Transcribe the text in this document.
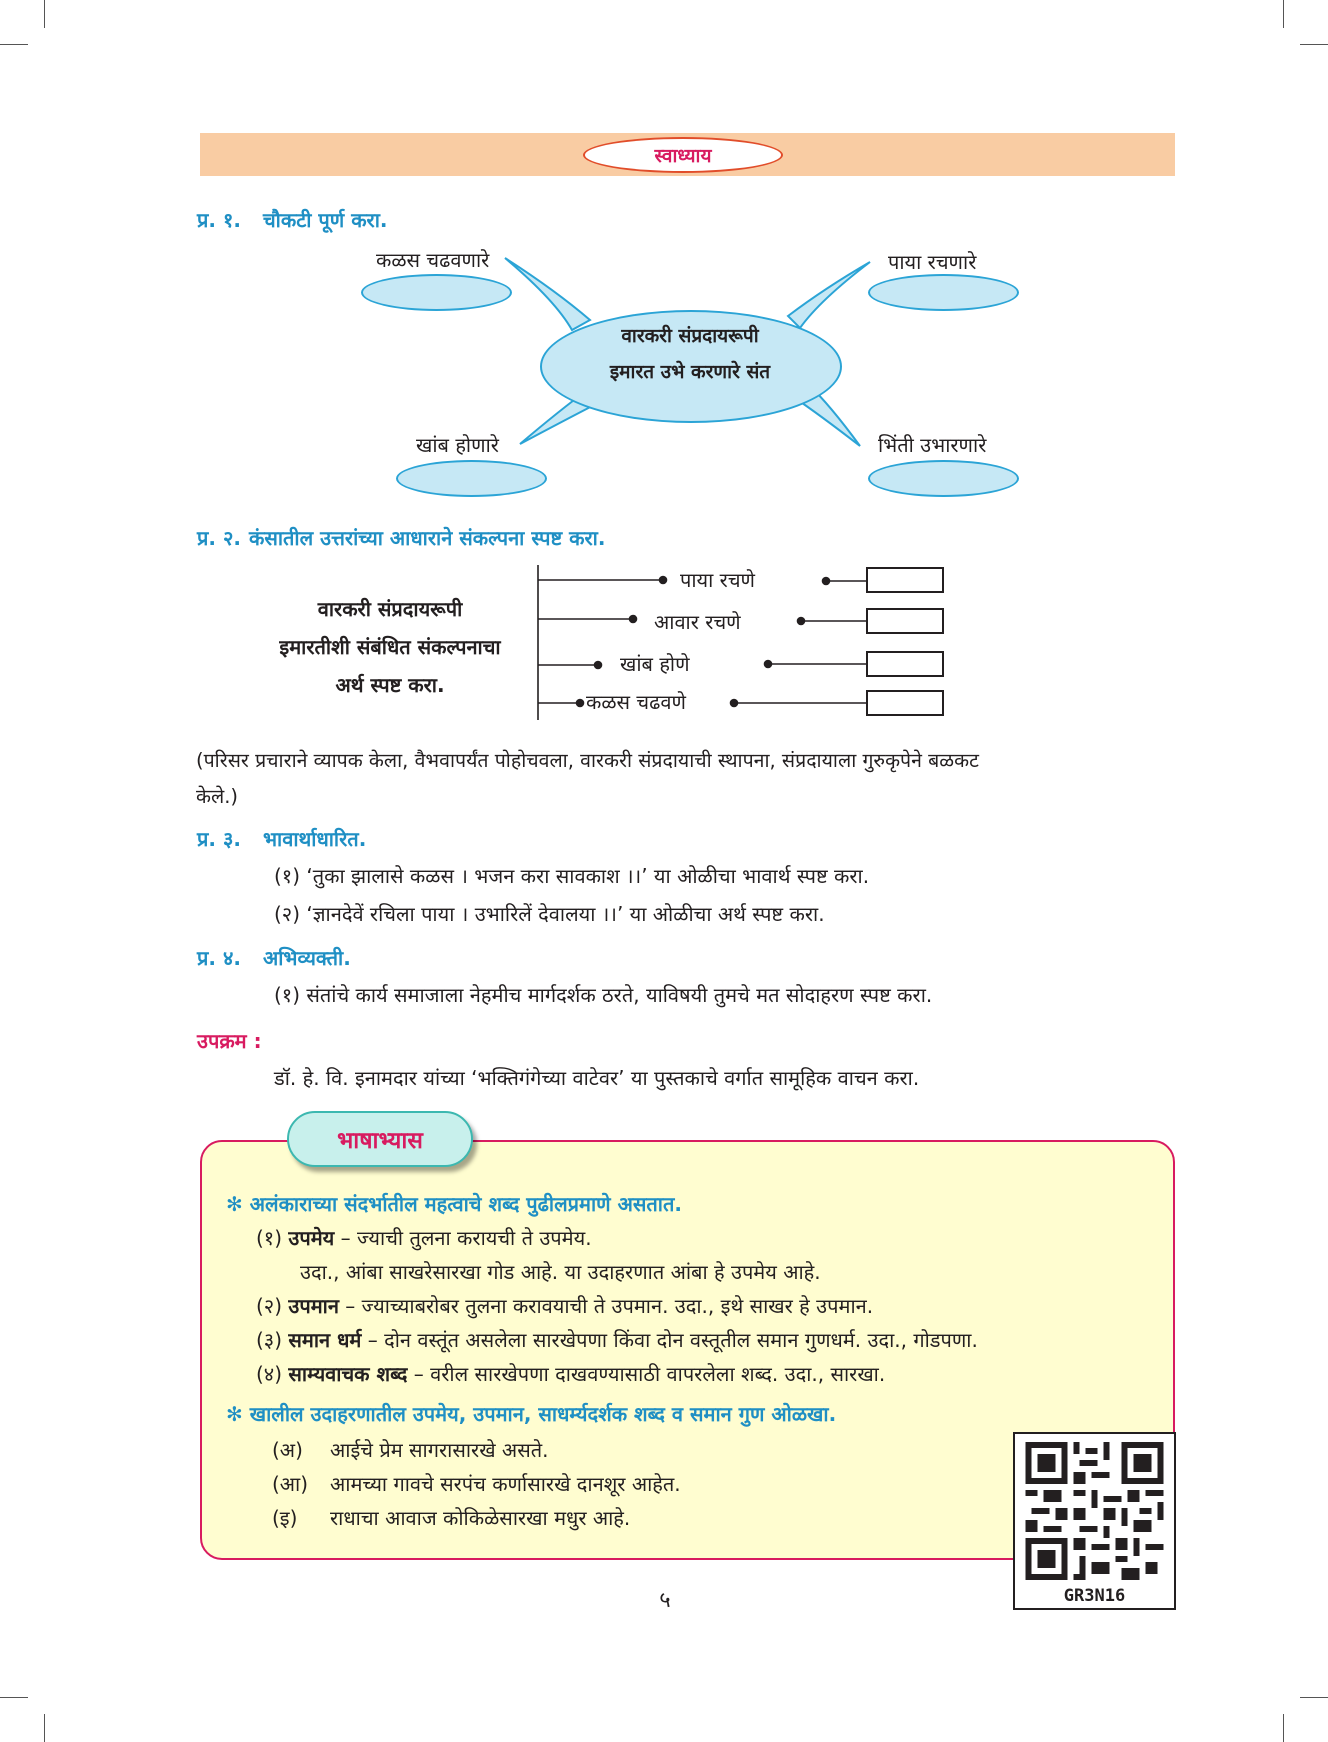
स्वाध्याय
प्र. १. चौकटी पूर्ण करा.
वारकरी संप्रदायरूपी
इमारत उभे करणारे संत
कळस चढवणारे	पाया रचणारे
खांब होणारे	भिंती उभारणारे
प्र. २. कंसातील उत्तरांच्या आधाराने संकल्पना स्पष्ट करा.
वारकरी संप्रदायरूपी
इमारतीशी संबंधित संकल्पनाचा
अर्थ स्पष्ट करा.
पाया रचणे
आवार रचणे
खांब होणे
कळस चढवणे
(परिसर प्रचाराने व्यापक केला, वैभवापर्यंत पोहोचवला, वारकरी संप्रदायाची स्थापना, संप्रदायाला गुरुकृपेने बळकट
केले.)
प्र. ३. भावार्थाधारित.
(१) ‘तुका झालासे कळस । भजन करा सावकाश ।।’ या ओळीचा भावार्थ स्पष्ट करा.
(२) ‘ज्ञानदेवें रचिला पाया । उभारिलें देवालया ।।’ या ओळीचा अर्थ स्पष्ट करा.
प्र. ४. अभिव्यक्ती.
(१) संतांचे कार्य समाजाला नेहमीच मार्गदर्शक ठरते, याविषयी तुमचे मत सोदाहरण स्पष्ट करा.
उपक्रम :
डॉ. हे. वि. इनामदार यांच्या ‘भक्तिगंगेच्या वाटेवर’ या पुस्तकाचे वर्गात सामूहिक वाचन करा.
भाषाभ्यास
✻ अलंकाराच्या संदर्भातील महत्वाचे शब्द पुढीलप्रमाणे असतात.
(१) उपमेय – ज्याची तुलना करायची ते उपमेय.
उदा., आंबा साखरेसारखा गोड आहे. या उदाहरणात आंबा हे उपमेय आहे.
(२) उपमान – ज्याच्याबरोबर तुलना करावयाची ते उपमान. उदा., इथे साखर हे उपमान.
(३) समान धर्म – दोन वस्तूंत असलेला सारखेपणा किंवा दोन वस्तूतील समान गुणधर्म. उदा., गोडपणा.
(४) साम्यवाचक शब्द – वरील सारखेपणा दाखवण्यासाठी वापरलेला शब्द. उदा., सारखा.
✻ खालील उदाहरणातील उपमेय, उपमान, साधर्म्यदर्शक शब्द व समान गुण ओळखा.
(अ) आईचे प्रेम सागरासारखे असते.
(आ) आमच्या गावचे सरपंच कर्णासारखे दानशूर आहेत.
(इ) राधाचा आवाज कोकिळेसारखा मधुर आहे.
GR3N16
५
